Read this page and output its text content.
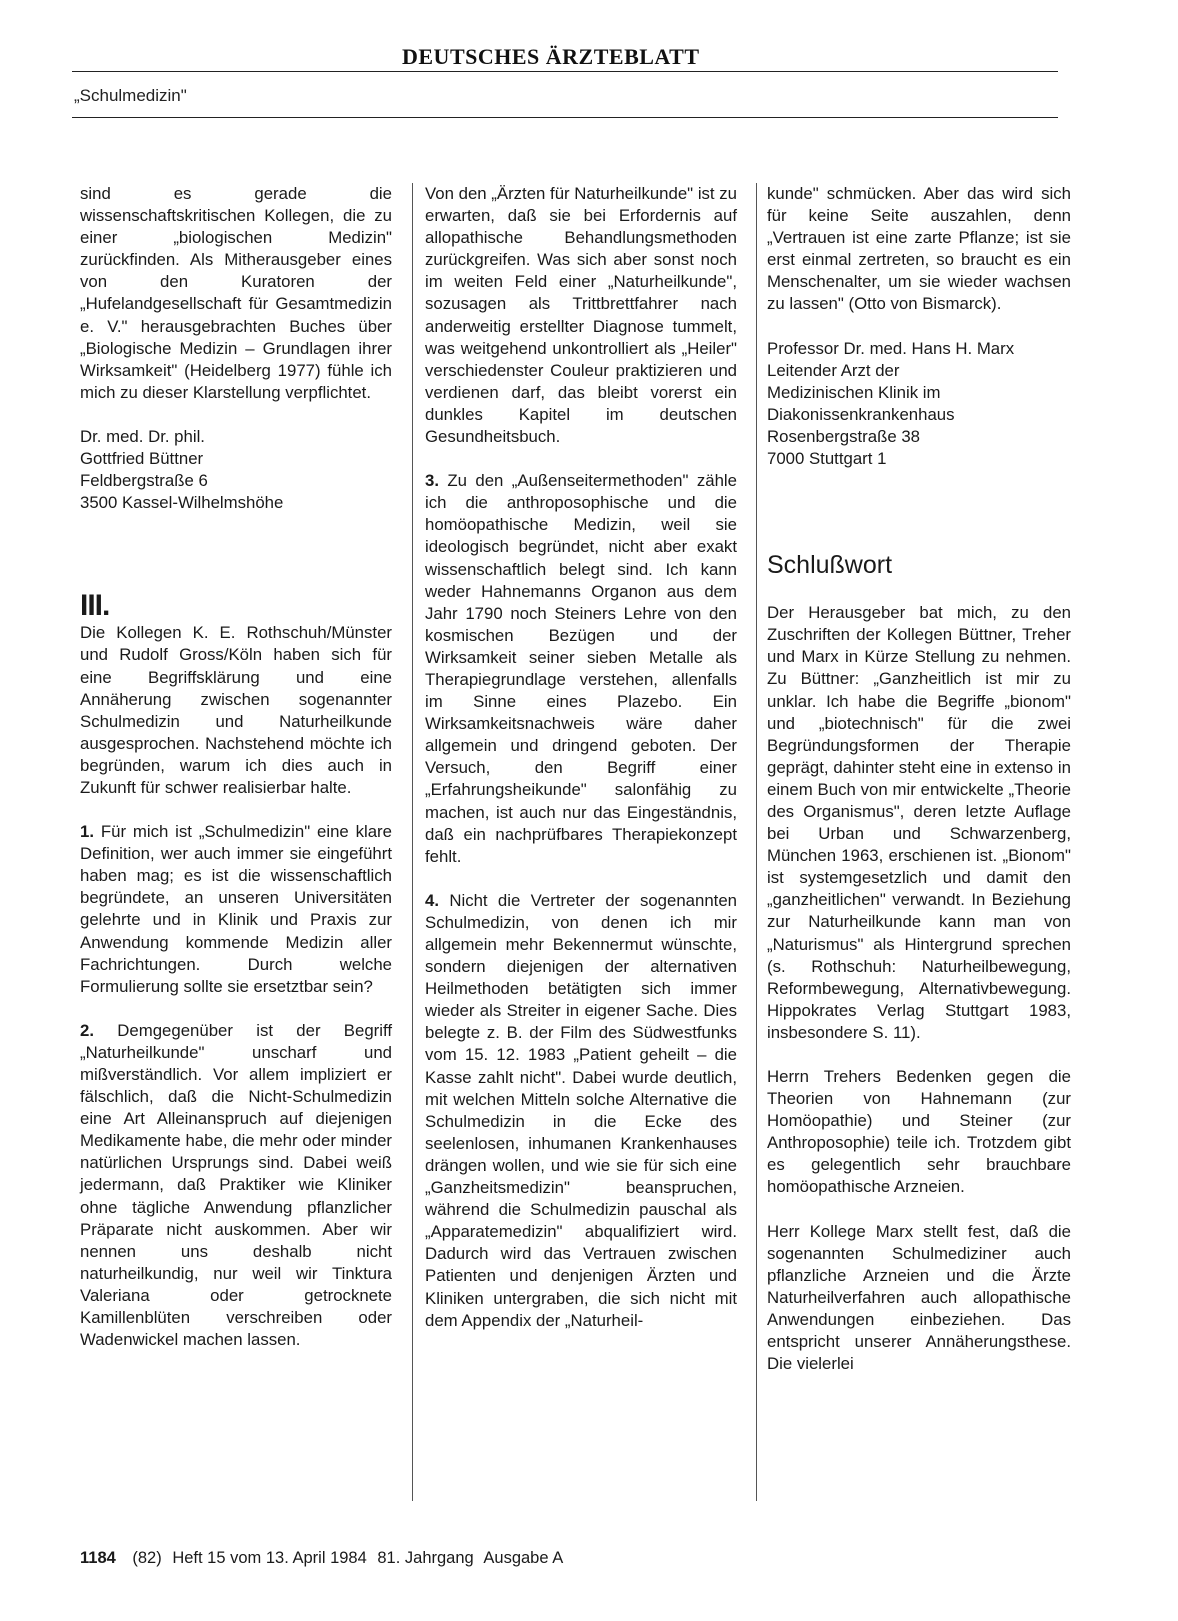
DEUTSCHES ÄRZTEBLATT
„Schulmedizin"

sind es gerade die wissenschaftskritischen Kollegen, die zu einer „biologischen Medizin" zurückfinden. Als Mitherausgeber eines von den Kuratoren der „Hufelandgesellschaft für Gesamtmedizin e. V." herausgebrachten Buches über „Biologische Medizin – Grundlagen ihrer Wirksamkeit" (Heidelberg 1977) fühle ich mich zu dieser Klarstellung verpflichtet.

Dr. med. Dr. phil.
Gottfried Büttner
Feldbergstraße 6
3500 Kassel-Wilhelmshöhe
III.

Die Kollegen K. E. Rothschuh/Münster und Rudolf Gross/Köln haben sich für eine Begriffsklärung und eine Annäherung zwischen sogenannter Schulmedizin und Naturheilkunde ausgesprochen. Nachstehend möchte ich begründen, warum ich dies auch in Zukunft für schwer realisierbar halte.

1. Für mich ist „Schulmedizin" eine klare Definition, wer auch immer sie eingeführt haben mag; es ist die wissenschaftlich begründete, an unseren Universitäten gelehrte und in Klinik und Praxis zur Anwendung kommende Medizin aller Fachrichtungen. Durch welche Formulierung sollte sie ersetztbar sein?

2. Demgegenüber ist der Begriff „Naturheilkunde" unscharf und mißverständlich. Vor allem impliziert er fälschlich, daß die Nicht-Schulmedizin eine Art Alleinanspruch auf diejenigen Medikamente habe, die mehr oder minder natürlichen Ursprungs sind. Dabei weiß jedermann, daß Praktiker wie Kliniker ohne tägliche Anwendung pflanzlicher Präparate nicht auskommen. Aber wir nennen uns deshalb nicht naturheilkundig, nur weil wir Tinktura Valeriana oder getrocknete Kamillenblüten verschreiben oder Wadenwickel machen lassen.

Von den „Ärzten für Naturheilkunde" ist zu erwarten, daß sie bei Erfordernis auf allopathische Behandlungsmethoden zurückgreifen. Was sich aber sonst noch im weiten Feld einer „Naturheilkunde", sozusagen als Trittbrettfahrer nach anderweitig erstellter Diagnose tummelt, was weitgehend unkontrolliert als „Heiler" verschiedenster Couleur praktizieren und verdienen darf, das bleibt vorerst ein dunkles Kapitel im deutschen Gesundheitsbuch.

3. Zu den „Außenseitermethoden" zähle ich die anthroposophische und die homöopathische Medizin, weil sie ideologisch begründet, nicht aber exakt wissenschaftlich belegt sind. Ich kann weder Hahnemanns Organon aus dem Jahr 1790 noch Steiners Lehre von den kosmischen Bezügen und der Wirksamkeit seiner sieben Metalle als Therapiegrundlage verstehen, allenfalls im Sinne eines Plazebo. Ein Wirksamkeitsnachweis wäre daher allgemein und dringend geboten. Der Versuch, den Begriff einer „Erfahrungsheikunde" salonfähig zu machen, ist auch nur das Eingeständnis, daß ein nachprüfbares Therapiekonzept fehlt.

4. Nicht die Vertreter der sogenannten Schulmedizin, von denen ich mir allgemein mehr Bekennermut wünschte, sondern diejenigen der alternativen Heilmethoden betätigten sich immer wieder als Streiter in eigener Sache. Dies belegte z. B. der Film des Südwestfunks vom 15. 12. 1983 „Patient geheilt – die Kasse zahlt nicht". Dabei wurde deutlich, mit welchen Mitteln solche Alternative die Schulmedizin in die Ecke des seelenlosen, inhumanen Krankenhauses drängen wollen, und wie sie für sich eine „Ganzheitsmedizin" beanspruchen, während die Schulmedizin pauschal als „Apparatemedizin" abqualifiziert wird. Dadurch wird das Vertrauen zwischen Patienten und denjenigen Ärzten und Kliniken untergraben, die sich nicht mit dem Appendix der „Naturheil-

kunde" schmücken. Aber das wird sich für keine Seite auszahlen, denn „Vertrauen ist eine zarte Pflanze; ist sie erst einmal zertreten, so braucht es ein Menschenalter, um sie wieder wachsen zu lassen" (Otto von Bismarck).

Professor Dr. med. Hans H. Marx
Leitender Arzt der
Medizinischen Klinik im
Diakonissenkrankenhaus
Rosenbergstraße 38
7000 Stuttgart 1
Schlußwort

Der Herausgeber bat mich, zu den Zuschriften der Kollegen Büttner, Treher und Marx in Kürze Stellung zu nehmen. Zu Büttner: „Ganzheitlich ist mir zu unklar. Ich habe die Begriffe „bionom" und „biotechnisch" für die zwei Begründungsformen der Therapie geprägt, dahinter steht eine in extenso in einem Buch von mir entwickelte „Theorie des Organismus", deren letzte Auflage bei Urban und Schwarzenberg, München 1963, erschienen ist. „Bionom" ist systemgesetzlich und damit den „ganzheitlichen" verwandt. In Beziehung zur Naturheilkunde kann man von „Naturismus" als Hintergrund sprechen (s. Rothschuh: Naturheilbewegung, Reformbewegung, Alternativbewegung. Hippokrates Verlag Stuttgart 1983, insbesondere S. 11).

Herrn Trehers Bedenken gegen die Theorien von Hahnemann (zur Homöopathie) und Steiner (zur Anthroposophie) teile ich. Trotzdem gibt es gelegentlich sehr brauchbare homöopathische Arzneien.

Herr Kollege Marx stellt fest, daß die sogenannten Schulmediziner auch pflanzliche Arzneien und die Ärzte Naturheilverfahren auch allopathische Anwendungen einbeziehen. Das entspricht unserer Annäherungsthese. Die vielerlei

1184 (82) Heft 15 vom 13. April 1984 81. Jahrgang Ausgabe A
